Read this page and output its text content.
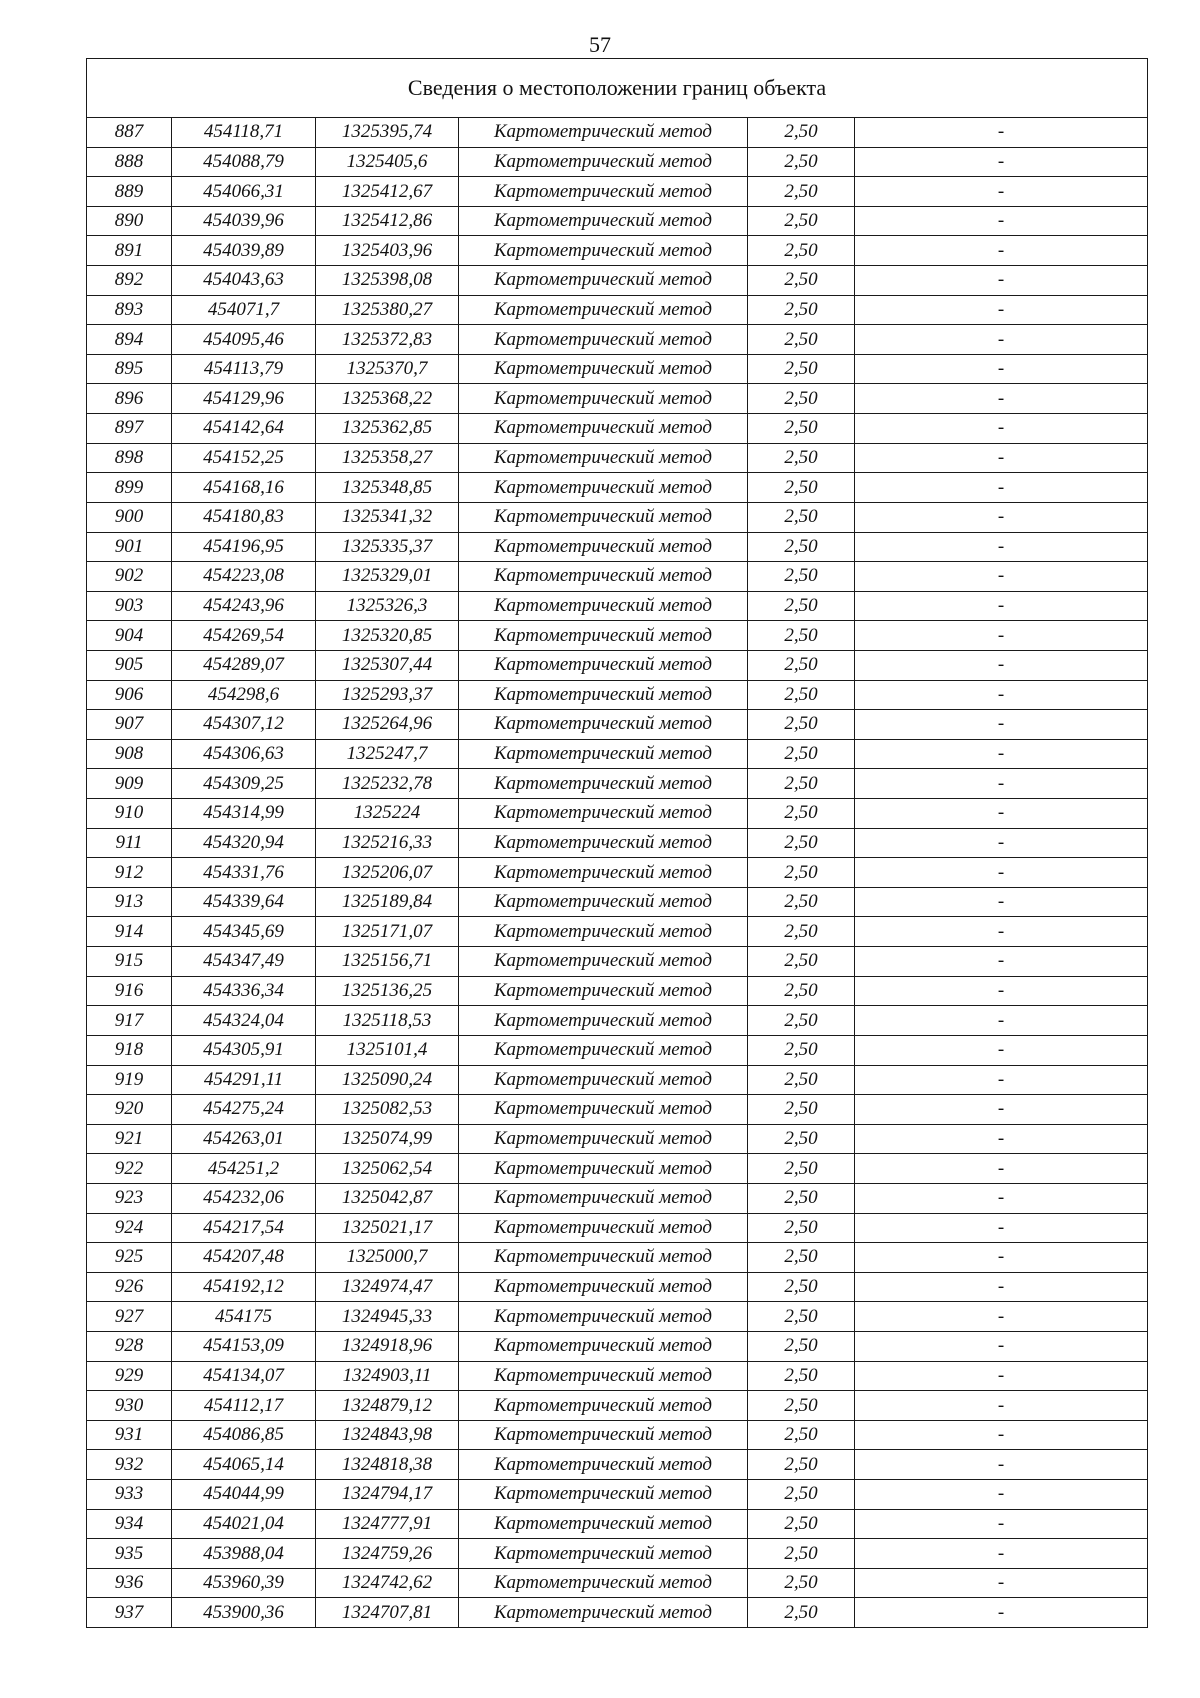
57
Сведения о местоположении границ объекта					
887	454118,71	1325395,74	Картометрический метод	2,50	-
888	454088,79	1325405,6	Картометрический метод	2,50	-
889	454066,31	1325412,67	Картометрический метод	2,50	-
890	454039,96	1325412,86	Картометрический метод	2,50	-
891	454039,89	1325403,96	Картометрический метод	2,50	-
892	454043,63	1325398,08	Картометрический метод	2,50	-
893	454071,7	1325380,27	Картометрический метод	2,50	-
894	454095,46	1325372,83	Картометрический метод	2,50	-
895	454113,79	1325370,7	Картометрический метод	2,50	-
896	454129,96	1325368,22	Картометрический метод	2,50	-
897	454142,64	1325362,85	Картометрический метод	2,50	-
898	454152,25	1325358,27	Картометрический метод	2,50	-
899	454168,16	1325348,85	Картометрический метод	2,50	-
900	454180,83	1325341,32	Картометрический метод	2,50	-
901	454196,95	1325335,37	Картометрический метод	2,50	-
902	454223,08	1325329,01	Картометрический метод	2,50	-
903	454243,96	1325326,3	Картометрический метод	2,50	-
904	454269,54	1325320,85	Картометрический метод	2,50	-
905	454289,07	1325307,44	Картометрический метод	2,50	-
906	454298,6	1325293,37	Картометрический метод	2,50	-
907	454307,12	1325264,96	Картометрический метод	2,50	-
908	454306,63	1325247,7	Картометрический метод	2,50	-
909	454309,25	1325232,78	Картометрический метод	2,50	-
910	454314,99	1325224	Картометрический метод	2,50	-
911	454320,94	1325216,33	Картометрический метод	2,50	-
912	454331,76	1325206,07	Картометрический метод	2,50	-
913	454339,64	1325189,84	Картометрический метод	2,50	-
914	454345,69	1325171,07	Картометрический метод	2,50	-
915	454347,49	1325156,71	Картометрический метод	2,50	-
916	454336,34	1325136,25	Картометрический метод	2,50	-
917	454324,04	1325118,53	Картометрический метод	2,50	-
918	454305,91	1325101,4	Картометрический метод	2,50	-
919	454291,11	1325090,24	Картометрический метод	2,50	-
920	454275,24	1325082,53	Картометрический метод	2,50	-
921	454263,01	1325074,99	Картометрический метод	2,50	-
922	454251,2	1325062,54	Картометрический метод	2,50	-
923	454232,06	1325042,87	Картометрический метод	2,50	-
924	454217,54	1325021,17	Картометрический метод	2,50	-
925	454207,48	1325000,7	Картометрический метод	2,50	-
926	454192,12	1324974,47	Картометрический метод	2,50	-
927	454175	1324945,33	Картометрический метод	2,50	-
928	454153,09	1324918,96	Картометрический метод	2,50	-
929	454134,07	1324903,11	Картометрический метод	2,50	-
930	454112,17	1324879,12	Картометрический метод	2,50	-
931	454086,85	1324843,98	Картометрический метод	2,50	-
932	454065,14	1324818,38	Картометрический метод	2,50	-
933	454044,99	1324794,17	Картометрический метод	2,50	-
934	454021,04	1324777,91	Картометрический метод	2,50	-
935	453988,04	1324759,26	Картометрический метод	2,50	-
936	453960,39	1324742,62	Картометрический метод	2,50	-
937	453900,36	1324707,81	Картометрический метод	2,50	-
